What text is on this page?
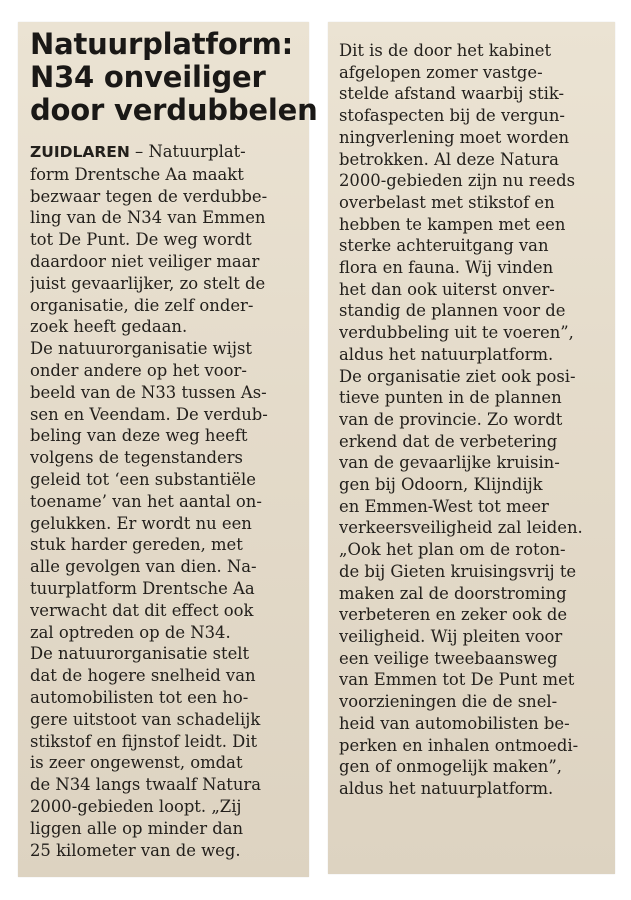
Natuurplatform:
N34 onveiliger
door verdubbelen
ZUIDLAREN – Natuurplat-
form Drentsche Aa maakt
bezwaar tegen de verdubbe-
ling van de N34 van Emmen
tot De Punt. De weg wordt
daardoor niet veiliger maar
juist gevaarlijker, zo stelt de
organisatie, die zelf onder-
zoek heeft gedaan.
De natuurorganisatie wijst
onder andere op het voor-
beeld van de N33 tussen As-
sen en Veendam. De verdub-
beling van deze weg heeft
volgens de tegenstanders
geleid tot ‘een substantiële
toename’ van het aantal on-
gelukken. Er wordt nu een
stuk harder gereden, met
alle gevolgen van dien. Na-
tuurplatform Drentsche Aa
verwacht dat dit effect ook
zal optreden op de N34.
De natuurorganisatie stelt
dat de hogere snelheid van
automobilisten tot een ho-
gere uitstoot van schadelijk
stikstof en fijnstof leidt. Dit
is zeer ongewenst, omdat
de N34 langs twaalf Natura
2000-gebieden loopt. „Zij
liggen alle op minder dan
25 kilometer van de weg.
Dit is de door het kabinet
afgelopen zomer vastge-
stelde afstand waarbij stik-
stofaspecten bij de vergun-
ningverlening moet worden
betrokken. Al deze Natura
2000-gebieden zijn nu reeds
overbelast met stikstof en
hebben te kampen met een
sterke achteruitgang van
flora en fauna. Wij vinden
het dan ook uiterst onver-
standig de plannen voor de
verdubbeling uit te voeren”,
aldus het natuurplatform.
De organisatie ziet ook posi-
tieve punten in de plannen
van de provincie. Zo wordt
erkend dat de verbetering
van de gevaarlijke kruisin-
gen bij Odoorn, Klijndijk
en Emmen-West tot meer
verkeersveiligheid zal leiden.
„Ook het plan om de roton-
de bij Gieten kruisingsvrij te
maken zal de doorstroming
verbeteren en zeker ook de
veiligheid. Wij pleiten voor
een veilige tweebaansweg
van Emmen tot De Punt met
voorzieningen die de snel-
heid van automobilisten be-
perken en inhalen ontmoedi-
gen of onmogelijk maken”,
aldus het natuurplatform.
